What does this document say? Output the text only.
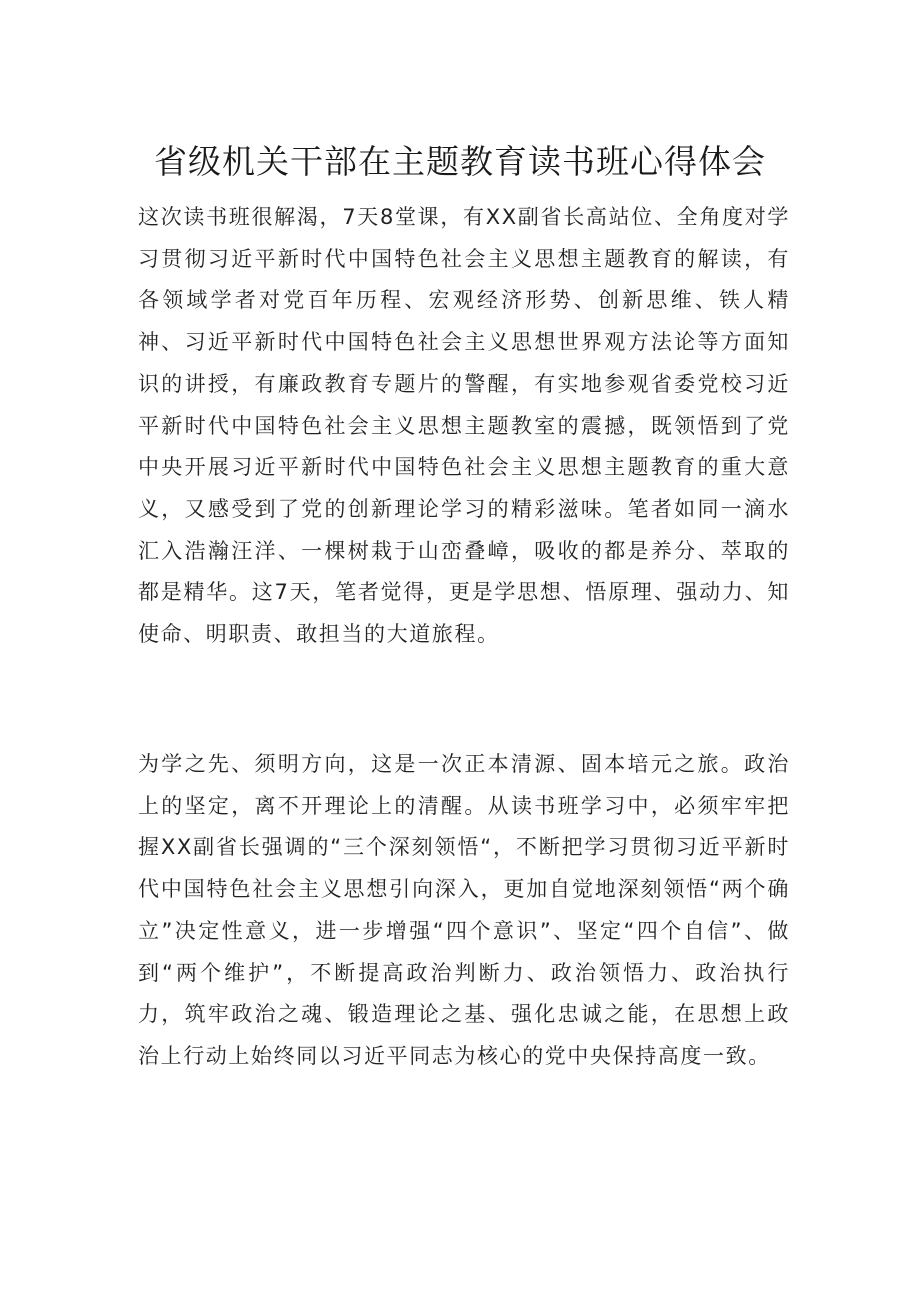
省级机关干部在主题教育读书班心得体会

这次读书班很解渴，7天8堂课，有XX副省长高站位、全角度对学习贯彻习近平新时代中国特色社会主义思想主题教育的解读，有各领域学者对党百年历程、宏观经济形势、创新思维、铁人精神、习近平新时代中国特色社会主义思想世界观方法论等方面知识的讲授，有廉政教育专题片的警醒，有实地参观省委党校习近平新时代中国特色社会主义思想主题教室的震撼，既领悟到了党中央开展习近平新时代中国特色社会主义思想主题教育的重大意义，又感受到了党的创新理论学习的精彩滋味。笔者如同一滴水汇入浩瀚汪洋、一棵树栽于山峦叠嶂，吸收的都是养分、萃取的都是精华。这7天，笔者觉得，更是学思想、悟原理、强动力、知使命、明职责、敢担当的大道旅程。

为学之先、须明方向，这是一次正本清源、固本培元之旅。政治上的坚定，离不开理论上的清醒。从读书班学习中，必须牢牢把握XX副省长强调的“三个深刻领悟“，不断把学习贯彻习近平新时代中国特色社会主义思想引向深入，更加自觉地深刻领悟“两个确立”决定性意义，进一步增强“四个意识”、坚定“四个自信”、做到“两个维护”，不断提高政治判断力、政治领悟力、政治执行力，筑牢政治之魂、锻造理论之基、强化忠诚之能，在思想上政治上行动上始终同以习近平同志为核心的党中央保持高度一致。
